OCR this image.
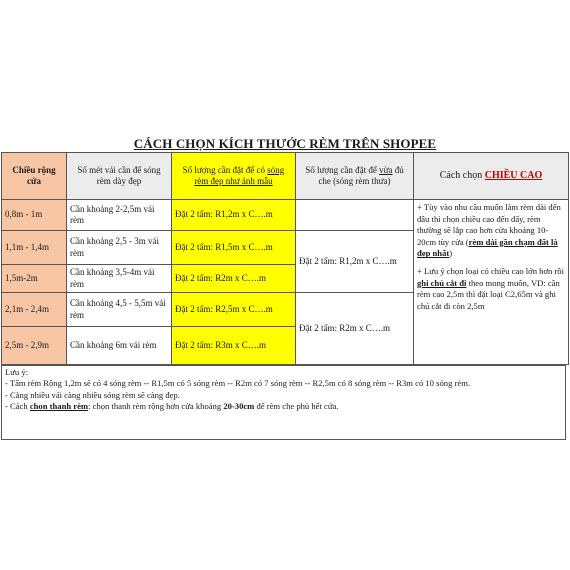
CÁCH CHỌN KÍCH THƯỚC RÈM TRÊN SHOPEE
Chiều rộng cửa	Số mét vải cần để sóng rèm dày đẹp	Số lượng cần đặt để có sóng rèm đẹp như ảnh mẫu	Số lượng cần đặt để vừa đủ che (sóng rèm thưa)	Cách chọn CHIỀU CAO
0,8m - 1m	Cần khoảng 2-2,5m vải rèm	Đặt 2 tấm: R1,2m x C….m		+ Tùy vào nhu cầu muốn làm rèm dài đến đâu thì chọn chiều cao đến đấy, rèm thường sẽ lắp cao hơn cửa khoảng 10-20cm tùy cửa (rèm dài gần chạm đất là đẹp nhất)
+ Lưu ý chọn loại có chiều cao lớn hơn rồi ghi chú cắt đi theo mong muốn, VD: cần rèm cao 2,5m thì đặt loại C2,65m và ghi chú cắt đi còn 2,5m

1,1m - 1,4m	Cần khoảng 2,5 - 3m vải rèm	Đặt 2 tấm: R1,5m x C….m	Đặt 2 tấm: R1,2m x C….m	
1,5m-2m	Cần khoảng 3,5-4m vải rèm	Đặt 2 tấm: R2m x C….m		
2,1m - 2,4m	Cần khoảng 4,5 - 5,5m vải rèm	Đặt 2 tấm: R2,5m x C….m	Đặt 2 tấm: R2m x C….m	
2,5m - 2,9m	Cần khoảng 6m vải rèm	Đặt 2 tấm: R3m x C….m		
Lưu ý:
- Tấm rèm Rộng 1,2m sẽ có 4 sóng rèm -- R1,5m có 5 sóng rèm -- R2m có 7 sóng rèm -- R2,5m có 8 sóng rèm -- R3m có 10 sóng rèm.
- Càng nhiều vải càng nhiều sóng rèm sẽ càng đẹp.
- Cách chọn thanh rèm: chọn thanh rèm rộng hơn cửa khoảng 20-30cm để rèm che phủ hết cửa.
